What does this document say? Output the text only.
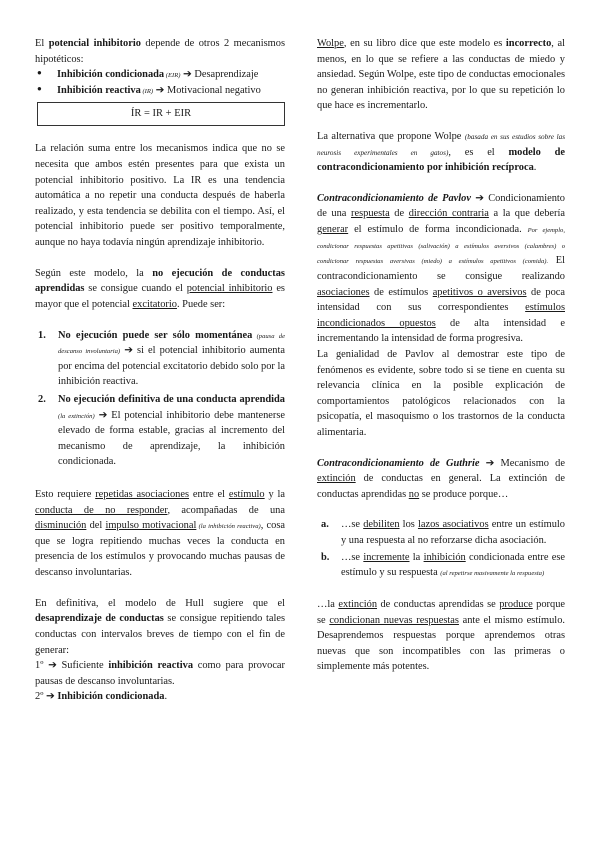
El potencial inhibitorio depende de otros 2 mecanismos hipotéticos:

● Inhibición condicionada (EIR) ➔ Desaprendizaje
● Inhibición reactiva (IR) ➔ Motivacional negativo
ÍR = IR + EIR

La relación suma entre los mecanismos indica que no se necesita que ambos estén presentes para que exista un potencial inhibitorio positivo. La IR es una tendencia automática a no repetir una conducta después de haberla realizado, y esta tendencia se debilita con el tiempo. Así, el potencial inhibitorio puede ser positivo temporalmente, aunque no haya todavía ningún aprendizaje inhibitorio.

Según este modelo, la no ejecución de conductas aprendidas se consigue cuando el potencial inhibitorio es mayor que el potencial excitatorio. Puede ser:

1. No ejecución puede ser sólo momentánea (pausa de descanso involuntaria) ➔ si el potencial inhibitorio aumenta por encima del potencial excitatorio debido solo por la inhibición reactiva.

2. No ejecución definitiva de una conducta aprendida (la extinción) ➔ El potencial inhibitorio debe mantenerse elevado de forma estable, gracias al incremento del mecanismo de aprendizaje, la inhibición condicionada.

Esto requiere repetidas asociaciones entre el estímulo y la conducta de no responder, acompañadas de una disminución del impulso motivacional (la inhibición reactiva), cosa que se logra repitiendo muchas veces la conducta en presencia de los estímulos y provocando muchas pausas de descanso involuntarias.

En definitiva, el modelo de Hull sugiere que el desaprendizaje de conductas se consigue repitiendo tales conductas con intervalos breves de tiempo con el fin de generar:

1º ➔ Suficiente inhibición reactiva como para provocar pausas de descanso involuntarias.

2º ➔ Inhibición condicionada.

Wolpe, en su libro dice que este modelo es incorrecto, al menos, en lo que se refiere a las conductas de miedo y ansiedad. Según Wolpe, este tipo de conductas emocionales no generan inhibición reactiva, por lo que su repetición lo que hace es incrementarlo.

La alternativa que propone Wolpe (basada en sus estudios sobre las neurosis experimentales en gatos), es el modelo de contracondicionamiento por inhibición recíproca.

Contracondicionamiento de Pavlov ➔ Condicionamiento de una respuesta de dirección contraria a la que debería generar el estímulo de forma incondicionada. Por ejemplo, condicionar respuestas apetitivas (salivación) a estímulos aversivos (calambres) o condicionar respuestas aversivas (miedo) a estímulos apetitivos (comida). El contracondicionamiento se consigue realizando asociaciones de estímulos apetitivos o aversivos de poca intensidad con sus correspondientes estímulos incondicionados opuestos de alta intensidad e incrementando la intensidad de forma progresiva.

La genialidad de Pavlov al demostrar este tipo de fenómenos es evidente, sobre todo si se tiene en cuenta su relevancia clínica en la posible explicación de comportamientos patológicos relacionados con la psicopatía, el masoquismo o los trastornos de la conducta alimentaria.

Contracondicionamiento de Guthrie ➔ Mecanismo de extinción de conductas en general. La extinción de conductas aprendidas no se produce porque…

a. …se debiliten los lazos asociativos entre un estímulo y una respuesta al no reforzarse dicha asociación.

b. …se incremente la inhibición condicionada entre ese estímulo y su respuesta (al repetirse masivamente la respuesta)

…la extinción de conductas aprendidas se produce porque se condicionan nuevas respuestas ante el mismo estímulo. Desaprendemos respuestas porque aprendemos otras nuevas que son incompatibles con las primeras o simplemente más potentes.
